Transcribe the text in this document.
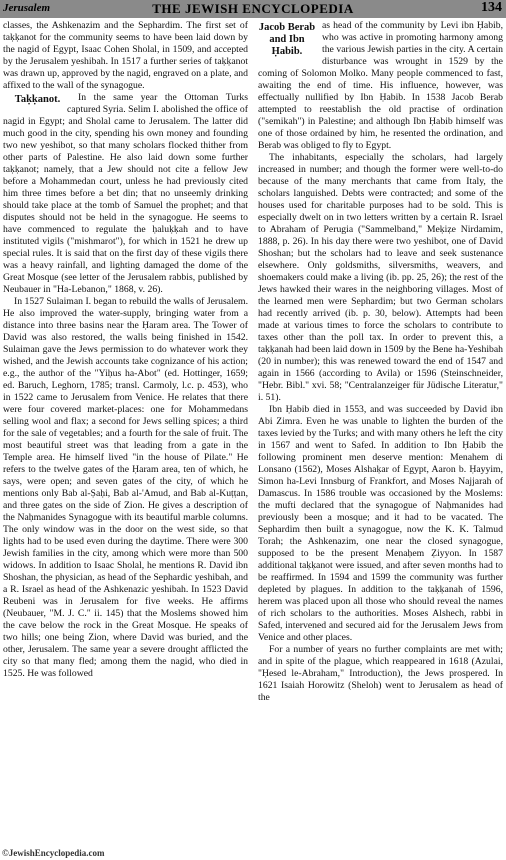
Jerusalem	THE JEWISH ENCYCLOPEDIA	134

classes, the Ashkenazim and the Sephardim. The first set of taḳḳanot for the community seems to have been laid down by the nagid of Egypt, Isaac Cohen Sholal, in 1509, and accepted by the Jerusalem yeshibah. In 1517 a further series of taḳḳanot was drawn up, approved by the nagid, engraved on a plate, and affixed to the wall of the synagogue.

Taḳḳanot. In the same year the Ottoman Turks captured Syria. Selim I. abolished the office of nagid in Egypt; and Sholal came to Jerusalem. The latter did much good in the city, spending his own money and founding two new yeshibot, so that many scholars flocked thither from other parts of Palestine. He also laid down some further taḳḳanot; namely, that a Jew should not cite a fellow Jew before a Mohammedan court, unless he had previously cited him three times before a bet din; that no unseemly drinking should take place at the tomb of Samuel the prophet; and that disputes should not be held in the synagogue. He seems to have commenced to regulate the ḥaluḳḳah and to have instituted vigils ("mishmarot"), for which in 1521 he drew up special rules. It is said that on the first day of these vigils there was a heavy rainfall, and lighting damaged the dome of the Great Mosque (see letter of the Jerusalem rabbis, published by Neubauer in "Ha-Lebanon," 1868, v. 26).

In 1527 Sulaiman I. began to rebuild the walls of Jerusalem. He also improved the water-supply, bringing water from a distance into three basins near the Ḥaram area. The Tower of David was also restored, the walls being finished in 1542. Sulaiman gave the Jews permission to do whatever work they wished, and the Jewish accounts take cognizance of his action; e.g., the author of the "Yiḥus ha-Abot" (ed. Hottinger, 1659; ed. Baruch, Leghorn, 1785; transl. Carmoly, l.c. p. 453), who in 1522 came to Jerusalem from Venice. He relates that there were four covered market-places: one for Mohammedans selling wool and flax; a second for Jews selling spices; a third for the sale of vegetables; and a fourth for the sale of fruit. The most beautiful street was that leading from a gate in the Temple area. He himself lived "in the house of Pilate." He refers to the twelve gates of the Ḥaram area, ten of which, he says, were open; and seven gates of the city, of which he mentions only Bab al-Ṣaḥi, Bab al-'Amud, and Bab al-Kuṭṭan, and three gates on the side of Zion. He gives a description of the Naḥmanides Synagogue with its beautiful marble columns. The only window was in the door on the west side, so that lights had to be used even during the daytime. There were 300 Jewish families in the city, among which were more than 500 widows. In addition to Isaac Sholal, he mentions R. David ibn Shoshan, the physician, as head of the Sephardic yeshibah, and a R. Israel as head of the Ashkenazic yeshibah. In 1523 David Reubeni was in Jerusalem for five weeks. He affirms (Neubauer, "M. J. C." ii. 145) that the Moslems showed him the cave below the rock in the Great Mosque. He speaks of two hills; one being Zion, where David was buried, and the other, Jerusalem. The same year a severe drought afflicted the city so that many fled; among them the nagid, who died in 1525. He was followed

Jacob Berab and Ibn Ḥabib.
as head of the community by Levi ibn Ḥabib, who was active in promoting harmony among the various Jewish parties in the city. A certain disturbance was wrought in 1529 by the coming of Solomon Molko. Many people commenced to fast, awaiting the end of time. His influence, however, was effectually nullified by Ibn Ḥabib. In 1538 Jacob Berab attempted to reestablish the old practise of ordination ("semikah") in Palestine; and although Ibn Ḥabib himself was one of those ordained by him, he resented the ordination, and Berab was obliged to fly to Egypt.

The inhabitants, especially the scholars, had largely increased in number; and though the former were well-to-do because of the many merchants that came from Italy, the scholars languished. Debts were contracted; and some of the houses used for charitable purposes had to be sold. This is especially dwelt on in two letters written by a certain R. Israel to Abraham of Perugia ("Sammelband," Meḳiẓe Nirdamim, 1888, p. 26). In his day there were two yeshibot, one of David Shoshan; but the scholars had to leave and seek sustenance elsewhere. Only goldsmiths, silversmiths, weavers, and shoemakers could make a living (ib. pp. 25, 26); the rest of the Jews hawked their wares in the neighboring villages. Most of the learned men were Sephardim; but two German scholars had recently arrived (ib. p. 30, below). Attempts had been made at various times to force the scholars to contribute to taxes other than the poll tax. In order to prevent this, a taḳḳanah had been laid down in 1509 by the Bene ha-Yeshibah (20 in number); this was renewed toward the end of 1547 and again in 1566 (according to Avila) or 1596 (Steinschneider, "Hebr. Bibl." xvi. 58; "Centralanzeiger für Jüdische Literatur," i. 51).

Ibn Ḥabib died in 1553, and was succeeded by David ibn Abi Zimra. Even he was unable to lighten the burden of the taxes levied by the Turks; and with many others he left the city in 1567 and went to Safed. In addition to Ibn Ḥabib the following prominent men deserve mention: Menahem di Lonsano (1562), Moses Alshaḳar of Egypt, Aaron b. Ḥayyim, Simon ha-Levi Innsburg of Frankfort, and Moses Najjarah of Damascus. In 1586 trouble was occasioned by the Moslems: the mufti declared that the synagogue of Naḥmanides had previously been a mosque; and it had to be vacated. The Sephardim then built a synagogue, now the K. K. Talmud Torah; the Ashkenazim, one near the closed synagogue, supposed to be the present Menaḥem Ẓiyyon. In 1587 additional taḳḳanot were issued, and after seven months had to be reaffirmed. In 1594 and 1599 the community was further depleted by plagues. In addition to the taḳḳanah of 1596, herem was placed upon all those who should reveal the names of rich scholars to the authorities. Moses Alshech, rabbi in Safed, intervened and secured aid for the Jerusalem Jews from Venice and other places.

For a number of years no further complaints are met with; and in spite of the plague, which reappeared in 1618 (Azulai, "Ḥesed le-Abraham," Introduction), the Jews prospered. In 1621 Isaiah Horowitz (Sheloh) went to Jerusalem as head of the

©JewishEncyclopedia.com
